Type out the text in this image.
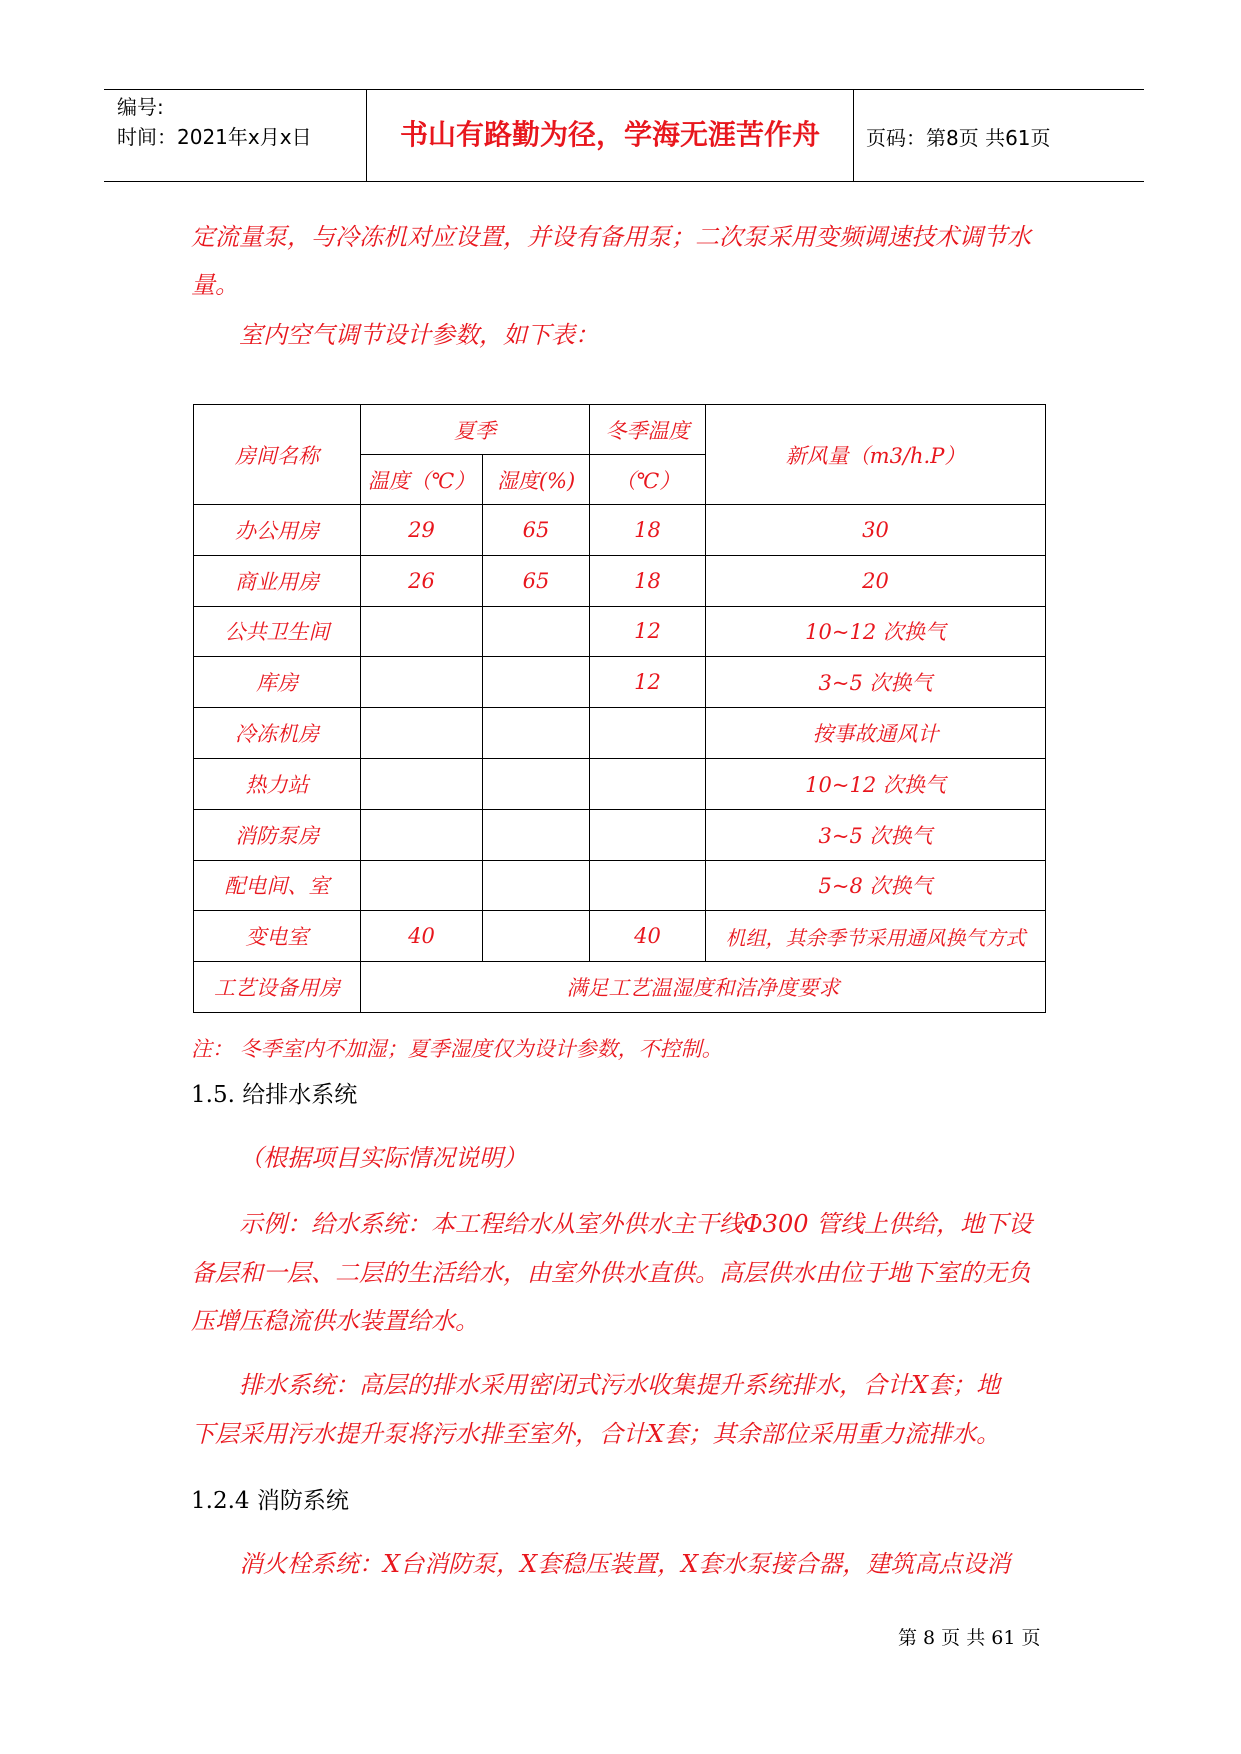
编号:
时间：2021年x月x日	书山有路勤为径，学海无涯苦作舟	页码：第8页 共61页
定流量泵，与冷冻机对应设置，并设有备用泵；二次泵采用变频调速技术调节水
量。
室内空气调节设计参数，如下表：
房间名称	夏季		冬季温度	新风量（m3/h.P）
	温度（℃）	湿度(%)	（℃）	
办公用房	29	65	18	30
商业用房	26	65	18	20
公共卫生间			12	10~12 次换气
库房			12	3~5 次换气
冷冻机房				按事故通风计
热力站				10~12 次换气
消防泵房				3~5 次换气
配电间、室				5~8 次换气
变电室	40		40	机组，其余季节采用通风换气方式
工艺设备用房	满足工艺温湿度和洁净度要求			
注： 冬季室内不加湿；夏季湿度仅为设计参数，不控制。
1.5. 给排水系统
（根据项目实际情况说明）
示例：给水系统：本工程给水从室外供水主干线Φ300 管线上供给，地下设
备层和一层、二层的生活给水，由室外供水直供。高层供水由位于地下室的无负
压增压稳流供水装置给水。
排水系统：高层的排水采用密闭式污水收集提升系统排水，合计X套；地
下层采用污水提升泵将污水排至室外，合计X套；其余部位采用重力流排水。
1.2.4 消防系统
消火栓系统：X台消防泵，X套稳压装置，X套水泵接合器，建筑高点设消
第 8 页 共 61 页
